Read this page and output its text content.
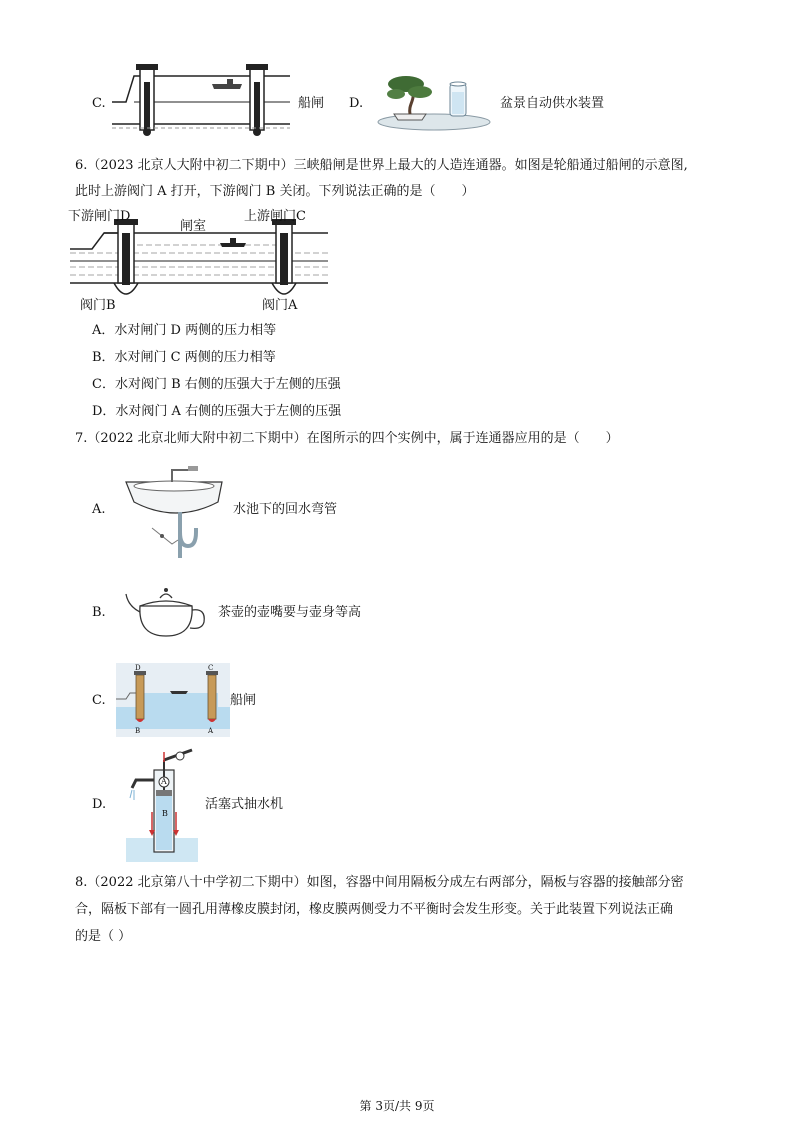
C.	船闸 D.	盆景自动供水装置
6.（2023 北京人大附中初二下期中）三峡船闸是世界上最大的人造连通器。如图是轮船通过船闸的示意图,
此时上游阀门 A 打开，下游阀门 B 关闭。下列说法正确的是（　　）
下游闸门D
闸室
上游闸门C
阀门B	阀门A
A．水对闸门 D 两侧的压力相等
B．水对闸门 C 两侧的压力相等
C．水对阀门 B 右侧的压强大于左侧的压强
D．水对阀门 A 右侧的压强大于左侧的压强
7.（2022 北京北师大附中初二下期中）在图所示的四个实例中，属于连通器应用的是（　　）
A.	水池下的回水弯管
B.	茶壶的壶嘴要与壶身等高
C.
D	C
B	A
船闸
D.
A
B
活塞式抽水机
8.（2022 北京第八十中学初二下期中）如图，容器中间用隔板分成左右两部分，隔板与容器的接触部分密
合，隔板下部有一圆孔用薄橡皮膜封闭，橡皮膜两侧受力不平衡时会发生形变。关于此装置下列说法正确
的是（ ）
第 3页/共 9页
